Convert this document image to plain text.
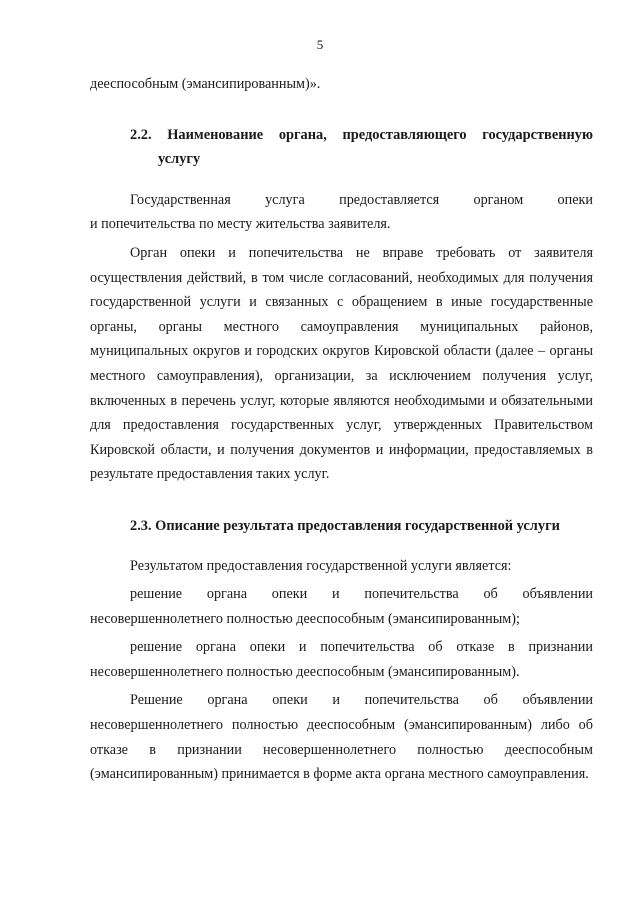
5

дееспособным (эмансипированным)».

2.2. Наименование органа, предоставляющего государственную
услугу

Государственная услуга предоставляется органом опеки

и попечительства по месту жительства заявителя.

Орган опеки и попечительства не вправе требовать от заявителя осуществления действий, в том числе согласований, необходимых для получения государственной услуги и связанных с обращением в иные государственные органы, органы местного самоуправления муниципальных районов, муниципальных округов и городских округов Кировской области (далее – органы местного самоуправления), организации, за исключением получения услуг, включенных в перечень услуг, которые являются необходимыми и обязательными для предоставления государственных услуг, утвержденных Правительством Кировской области, и получения документов и информации, предоставляемых в результате предоставления таких услуг.

2.3. Описание результата предоставления государственной услуги

Результатом предоставления государственной услуги является:

решение органа опеки и попечительства об объявлении несовершеннолетнего полностью дееспособным (эмансипированным);

решение органа опеки и попечительства об отказе в признании несовершеннолетнего полностью дееспособным (эмансипированным).

Решение органа опеки и попечительства об объявлении несовершеннолетнего полностью дееспособным (эмансипированным) либо об отказе в признании несовершеннолетнего полностью дееспособным (эмансипированным) принимается в форме акта органа местного самоуправления.
